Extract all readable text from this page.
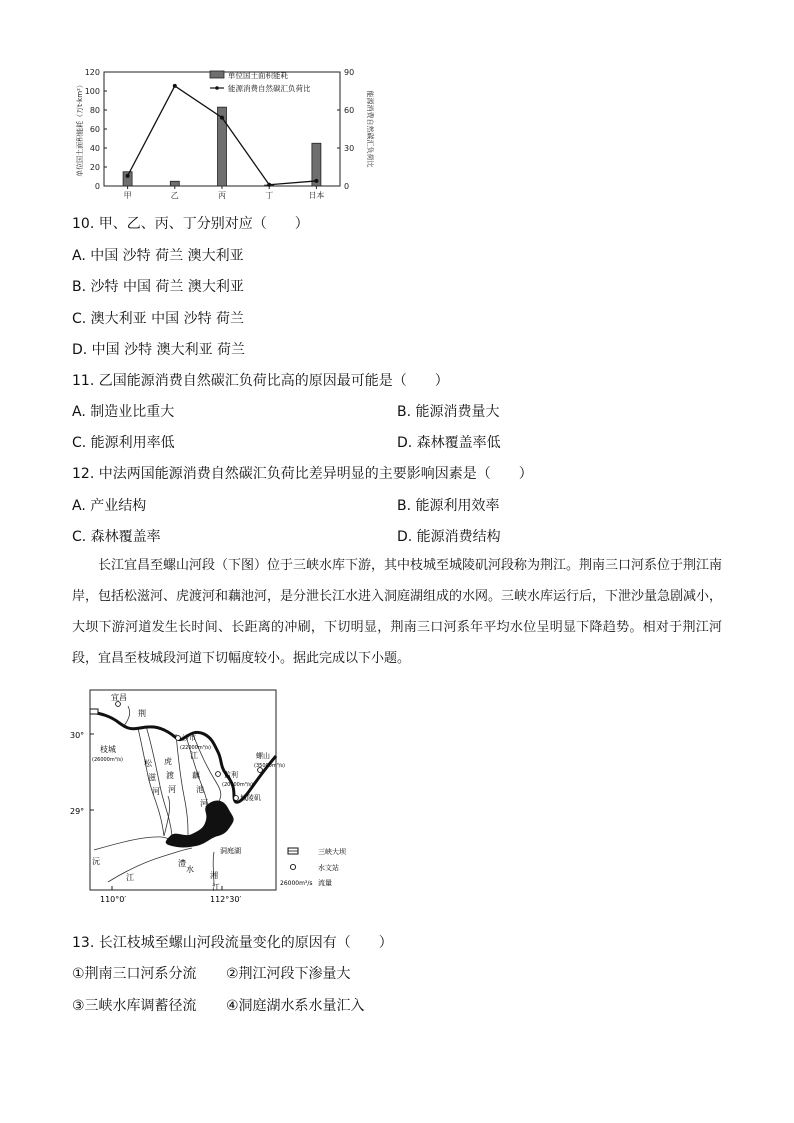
0
20
40
60
80
100
120
0
30
60
90
单位国土面积能耗（万t·km²）	能源消费自然碳汇负荷比
甲	乙	丙	丁	日本
单位国土面积能耗
能源消费自然碳汇负荷比
10. 甲、乙、丙、丁分别对应（　　）
A. 中国 沙特 荷兰 澳大利亚
B. 沙特 中国 荷兰 澳大利亚
C. 澳大利亚 中国 沙特 荷兰
D. 中国 沙特 澳大利亚 荷兰
11. 乙国能源消费自然碳汇负荷比高的原因最可能是（　　）
A. 制造业比重大	B. 能源消费量大
C. 能源利用率低	D. 森林覆盖率低
12. 中法两国能源消费自然碳汇负荷比差异明显的主要影响因素是（　　）
A. 产业结构	B. 能源利用效率
C. 森林覆盖率	D. 能源消费结构

长江宜昌至螺山河段（下图）位于三峡水库下游，其中枝城至城陵矶河段称为荆江。荆南三口河系位于荆江南岸，包括松滋河、虎渡河和藕池河，是分泄长江水进入洞庭湖组成的水网。三峡水库运行后，下泄沙量急剧减小，大坝下游河道发生长时间、长距离的冲刷，下切明显，荆南三口河系年平均水位呈明显下降趋势。相对于荆江河段，宜昌至枝城段河道下切幅度较小。据此完成以下小题。

30°
29°
110°0′	112°30′
宜昌
沙市
(22000m³/s)
枝城
(26000m³/s)	螺山
(35000m³/s)
监利
(20000m³/s)
城陵矶
洞庭湖
荆
江
松
滋
河
虎
渡
河
藕
池
河
沅
江
澧
水
湘
江
三峡大坝
水文站
26000m³/s 流量
13. 长江枝城至螺山河段流量变化的原因有（　　）
①荆南三口河系分流 ②荆江河段下渗量大
③三峡水库调蓄径流 ④洞庭湖水系水量汇入
